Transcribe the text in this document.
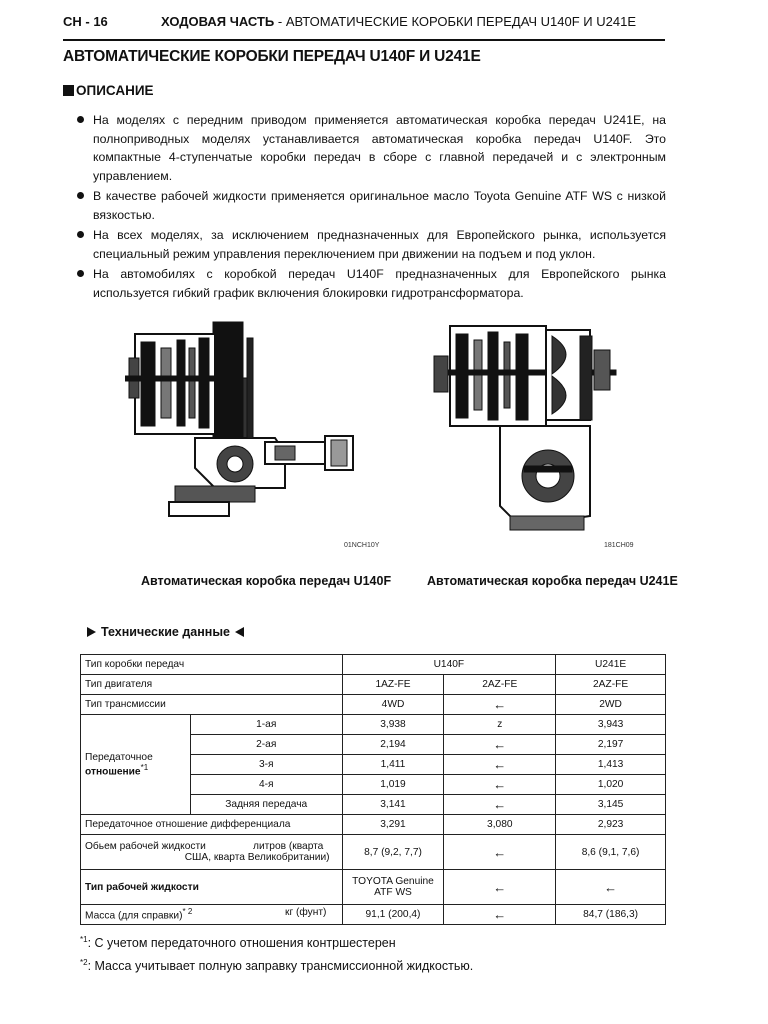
CH - 16	ХОДОВАЯ ЧАСТЬ - АВТОМАТИЧЕСКИЕ КОРОБКИ ПЕРЕДАЧ U140F И U241E
АВТОМАТИЧЕСКИЕ КОРОБКИ ПЕРЕДАЧ U140F И U241E
ОПИСАНИЕ
На моделях с передним приводом применяется автоматическая коробка передач U241E, на полноприводных моделях устанавливается автоматическая коробка передач U140F. Это компактные 4-ступенчатые коробки передач в сборе с главной передачей и с электронным управлением.
В качестве рабочей жидкости применяется оригинальное масло Toyota Genuine ATF WS с низкой вязкостью.
На всех моделях, за исключением предназначенных для Европейского рынка, используется специальный режим управления переключением при движении на подъем и под уклон.
На автомобилях с коробкой передач U140F предназначенных для Европейского рынка используется гибкий график включения блокировки гидротрансформатора.
01NCH10Y	181CH09
Автоматическая коробка передач U140F	Автоматическая коробка передач U241E
Технические данные
Тип коробки передач		U140F		U241E
Тип двигателя		1AZ-FE	2AZ-FE	2AZ-FE
Тип трансмиссии		4WD	←	2WD

Передаточное
отношение$^{*1}$	1-ая	3,938	z	3,943
	2-ая	2,194	←	2,197
	3-я	1,411	←	1,413
	4-я	1,019	←	1,020
	Задняя передача	3,141	←	3,145
Передаточное отношение дифференциала		3,291	3,080	2,923

Обьем рабочей жидкости литров (кварта
США, кварта Великобритании)		8,7 (9,2, 7,7)	←	8,6 (9,1, 7,6)
Тип рабочей жидкости		TOYOTA Genuine
ATF WS	←	←

Масса (для справки)$^{* 2}$ кг (фунт)		91,1 (200,4)	←	84,7 (186,3)
$^{*1}$: С учетом передаточного отношения контршестерен
$^{*2}$: Масса учитывает полную заправку трансмиссионной жидкостью.
